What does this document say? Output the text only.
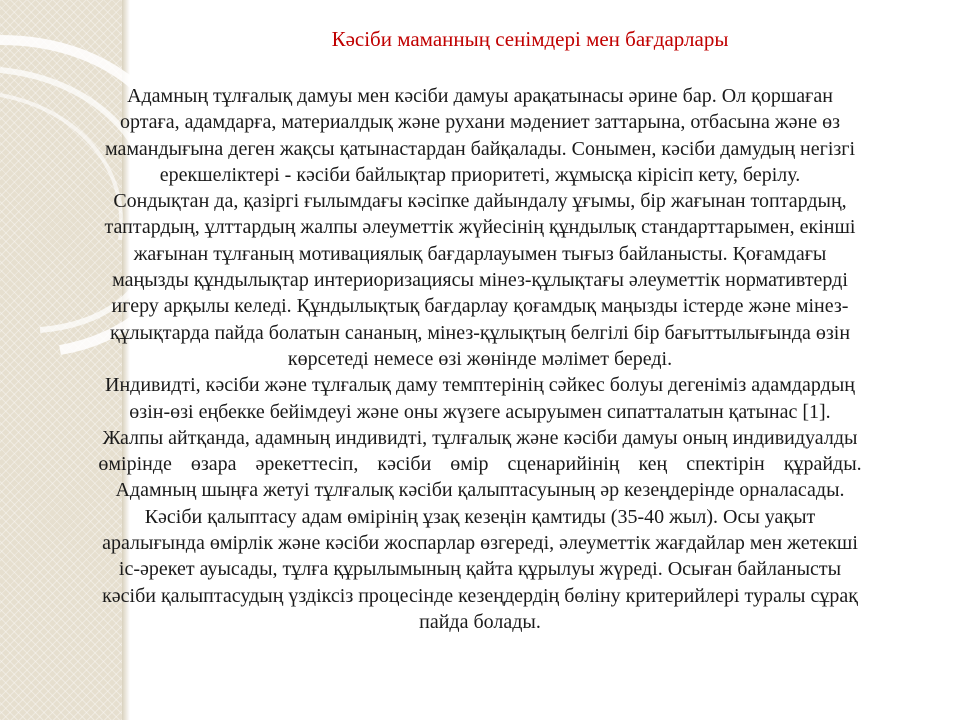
Кәсіби маманның сенімдері мен бағдарлары
Адамның тұлғалық дамуы мен кәсіби дамуы арақатынасы әрине бар. Ол қоршаған
ортаға, адамдарға, материалдық және рухани мәдениет заттарына, отбасына және өз
мамандығына деген жақсы қатынастардан байқалады. Сонымен, кәсіби дамудың негізгі
ерекшеліктері - кәсіби байлықтар приоритеті, жұмысқа кірісіп кету, берілу.
Сондықтан да, қазіргі ғылымдағы кәсіпке дайындалу ұғымы, бір жағынан топтардың,
таптардың, ұлттардың жалпы әлеуметтік жүйесінің құндылық стандарттарымен, екінші
жағынан тұлғаның мотивациялық бағдарлауымен тығыз байланысты. Қоғамдағы
маңызды құндылықтар интериоризациясы мінез-құлықтағы әлеуметтік нормативтерді
игеру арқылы келеді. Құндылықтық бағдарлау қоғамдық маңызды істерде және мінез-
құлықтарда пайда болатын сананың, мінез-құлықтың белгілі бір бағыттылығында өзін
көрсетеді немесе өзі жөнінде мәлімет береді.
Индивидті, кәсіби және тұлғалық даму темптерінің сәйкес болуы дегеніміз адамдардың
өзін-өзі еңбекке бейімдеуі және оны жүзеге асыруымен сипатталатын қатынас [1].
Жалпы айтқанда, адамның индивидті, тұлғалық және кәсіби дамуы оның индивидуалды
өмірінде өзара әрекеттесіп, кәсіби өмір сценарийінің кең спектірін құрайды.
Адамның шыңға жетуі тұлғалық кәсіби қалыптасуының әр кезеңдерінде орналасады.
Кәсіби қалыптасу адам өмірінің ұзақ кезеңін қамтиды (35-40 жыл). Осы уақыт
аралығында өмірлік және кәсіби жоспарлар өзгереді, әлеуметтік жағдайлар мен жетекші
іс-әрекет ауысады, тұлға құрылымының қайта құрылуы жүреді. Осыған байланысты
кәсіби қалыптасудың үздіксіз процесінде кезеңдердің бөліну критерийлері туралы сұрақ
пайда болады.
